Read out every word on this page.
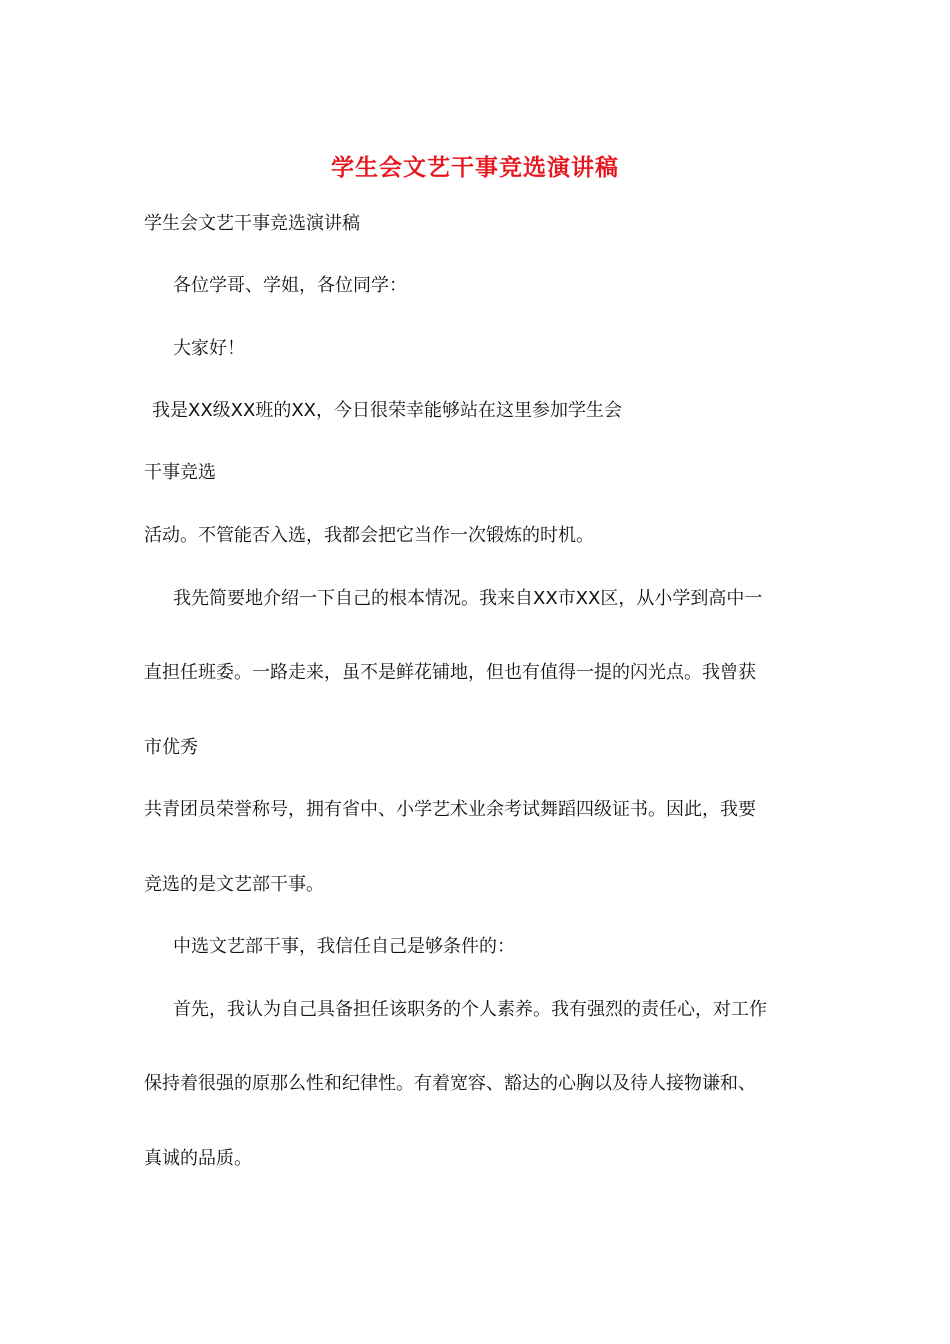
学生会文艺干事竞选演讲稿
学生会文艺干事竞选演讲稿
各位学哥、学姐，各位同学：
大家好！
我是XX级XX班的XX，今日很荣幸能够站在这里参加学生会
干事竞选
活动。不管能否入选，我都会把它当作一次锻炼的时机。
我先简要地介绍一下自己的根本情况。我来自XX市XX区，从小学到高中一
直担任班委。一路走来，虽不是鲜花铺地，但也有值得一提的闪光点。我曾获
市优秀
共青团员荣誉称号，拥有省中、小学艺术业余考试舞蹈四级证书。因此，我要
竞选的是文艺部干事。
中选文艺部干事，我信任自己是够条件的：
首先，我认为自己具备担任该职务的个人素养。我有强烈的责任心，对工作
保持着很强的原那么性和纪律性。有着宽容、豁达的心胸以及待人接物谦和、
真诚的品质。
